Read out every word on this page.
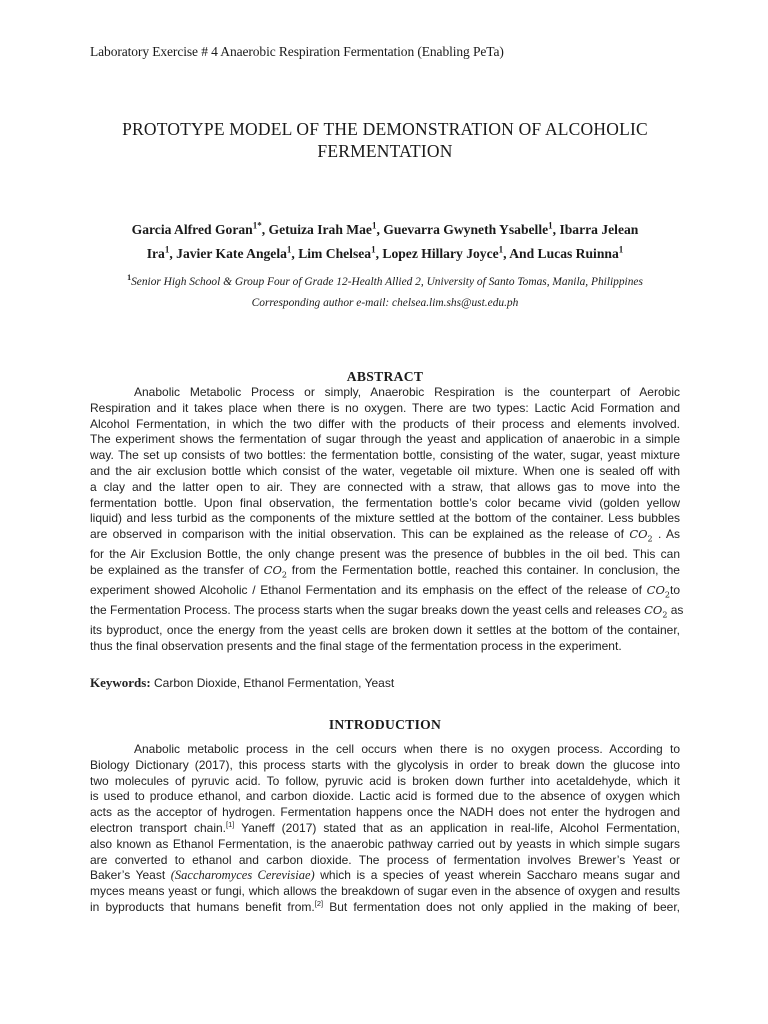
Laboratory Exercise # 4 Anaerobic Respiration Fermentation (Enabling PeTa)
PROTOTYPE MODEL OF THE DEMONSTRATION OF ALCOHOLIC
FERMENTATION
Garcia Alfred Goran$^{1*}$, Getuiza Irah Mae$^1$, Guevarra Gwyneth Ysabelle$^1$, Ibarra Jelean
Ira$^1$, Javier Kate Angela$^1$, Lim Chelsea$^1$, Lopez Hillary Joyce$^1$, And Lucas Ruinna$^1$
$^1$Senior High School & Group Four of Grade 12-Health Allied 2, University of Santo Tomas, Manila, Philippines
Corresponding author e-mail: chelsea.lim.shs@ust.edu.ph
ABSTRACT
Anabolic Metabolic Process or simply, Anaerobic Respiration is the counterpart of Aerobic
Respiration and it takes place when there is no oxygen. There are two types: Lactic Acid Formation and
Alcohol Fermentation, in which the two differ with the products of their process and elements involved.
The experiment shows the fermentation of sugar through the yeast and application of anaerobic in a simple
way. The set up consists of two bottles: the fermentation bottle, consisting of the water, sugar, yeast mixture
and the air exclusion bottle which consist of the water, vegetable oil mixture. When one is sealed off with
a clay and the latter open to air. They are connected with a straw, that allows gas to move into the
fermentation bottle. Upon final observation, the fermentation bottle’s color became vivid (golden yellow
liquid) and less turbid as the components of the mixture settled at the bottom of the container. Less bubbles
are observed in comparison with the initial observation. This can be explained as the release of $CO_2$ . As
for the Air Exclusion Bottle, the only change present was the presence of bubbles in the oil bed. This can
be explained as the transfer of $CO_2$ from the Fermentation bottle, reached this container. In conclusion, the
experiment showed Alcoholic / Ethanol Fermentation and its emphasis on the effect of the release of $CO_2to$
the Fermentation Process. The process starts when the sugar breaks down the yeast cells and releases $CO_2$ as
its byproduct, once the energy from the yeast cells are broken down it settles at the bottom of the container,
thus the final observation presents and the final stage of the fermentation process in the experiment.
Keywords: Carbon Dioxide, Ethanol Fermentation, Yeast
INTRODUCTION
Anabolic metabolic process in the cell occurs when there is no oxygen process. According to
Biology Dictionary (2017), this process starts with the glycolysis in order to break down the glucose into
two molecules of pyruvic acid. To follow, pyruvic acid is broken down further into acetaldehyde, which it
is used to produce ethanol, and carbon dioxide. Lactic acid is formed due to the absence of oxygen which
acts as the acceptor of hydrogen. Fermentation happens once the NADH does not enter the hydrogen and
electron transport chain.[1] Yaneff (2017) stated that as an application in real-life, Alcohol Fermentation,
also known as Ethanol Fermentation, is the anaerobic pathway carried out by yeasts in which simple sugars
are converted to ethanol and carbon dioxide. The process of fermentation involves Brewer’s Yeast or
Baker’s Yeast (Saccharomyces Cerevisiae) which is a species of yeast wherein Saccharo means sugar and
myces means yeast or fungi, which allows the breakdown of sugar even in the absence of oxygen and results
in byproducts that humans benefit from.[2] But fermentation does not only applied in the making of beer,
